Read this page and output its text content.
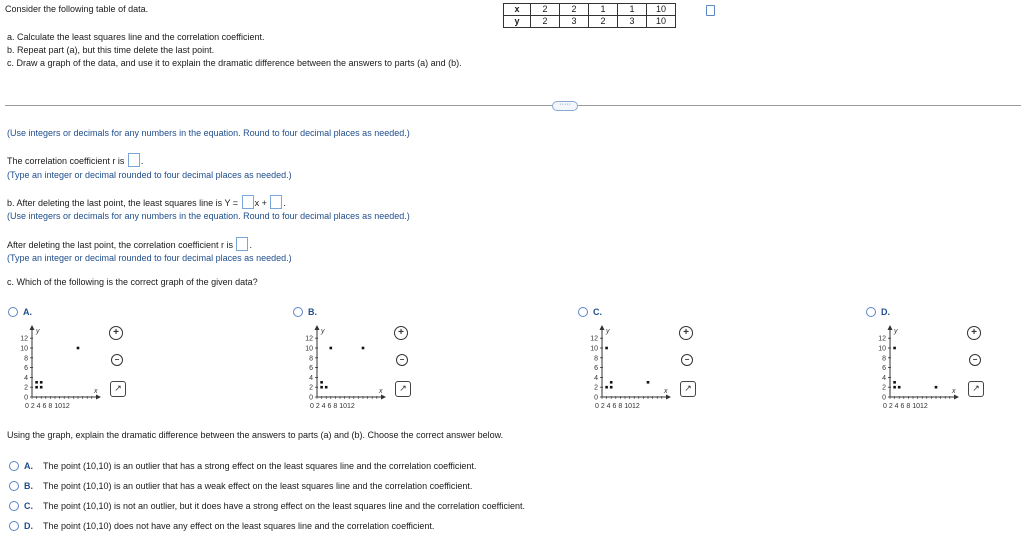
Consider the following table of data.	x	2	2	1	1	10
y	2	3	2	3	10
a. Calculate the least squares line and the correlation coefficient.
b. Repeat part (a), but this time delete the last point.
c. Draw a graph of the data, and use it to explain the dramatic difference between the answers to parts (a) and (b).
·····
(Use integers or decimals for any numbers in the equation. Round to four decimal places as needed.)
The correlation coefficient r is .
(Type an integer or decimal rounded to four decimal places as needed.)
b. After deleting the last point, the least squares line is Y = x + .
(Use integers or decimals for any numbers in the equation. Round to four decimal places as needed.)
After deleting the last point, the correlation coefficient r is .
(Type an integer or decimal rounded to four decimal places as needed.)
c. Which of the following is the correct graph of the given data?
A.
0
2
4
6
8
10
12
0 2 4 6 8 1012
y
x
+
−
↗
B.
0
2
4
6
8
10
12
0 2 4 6 8 1012
y
x
+
−
↗
C.
0
2
4
6
8
10
12
0 2 4 6 8 1012
y
x
+
−
↗
D.
0
2
4
6
8
10
12
0 2 4 6 8 1012
y
x
+
−
↗
Using the graph, explain the dramatic difference between the answers to parts (a) and (b). Choose the correct answer below.
A. The point (10,10) is an outlier that has a strong effect on the least squares line and the correlation coefficient.
B. The point (10,10) is an outlier that has a weak effect on the least squares line and the correlation coefficient.
C. The point (10,10) is not an outlier, but it does have a strong effect on the least squares line and the correlation coefficient.
D. The point (10,10) does not have any effect on the least squares line and the correlation coefficient.
